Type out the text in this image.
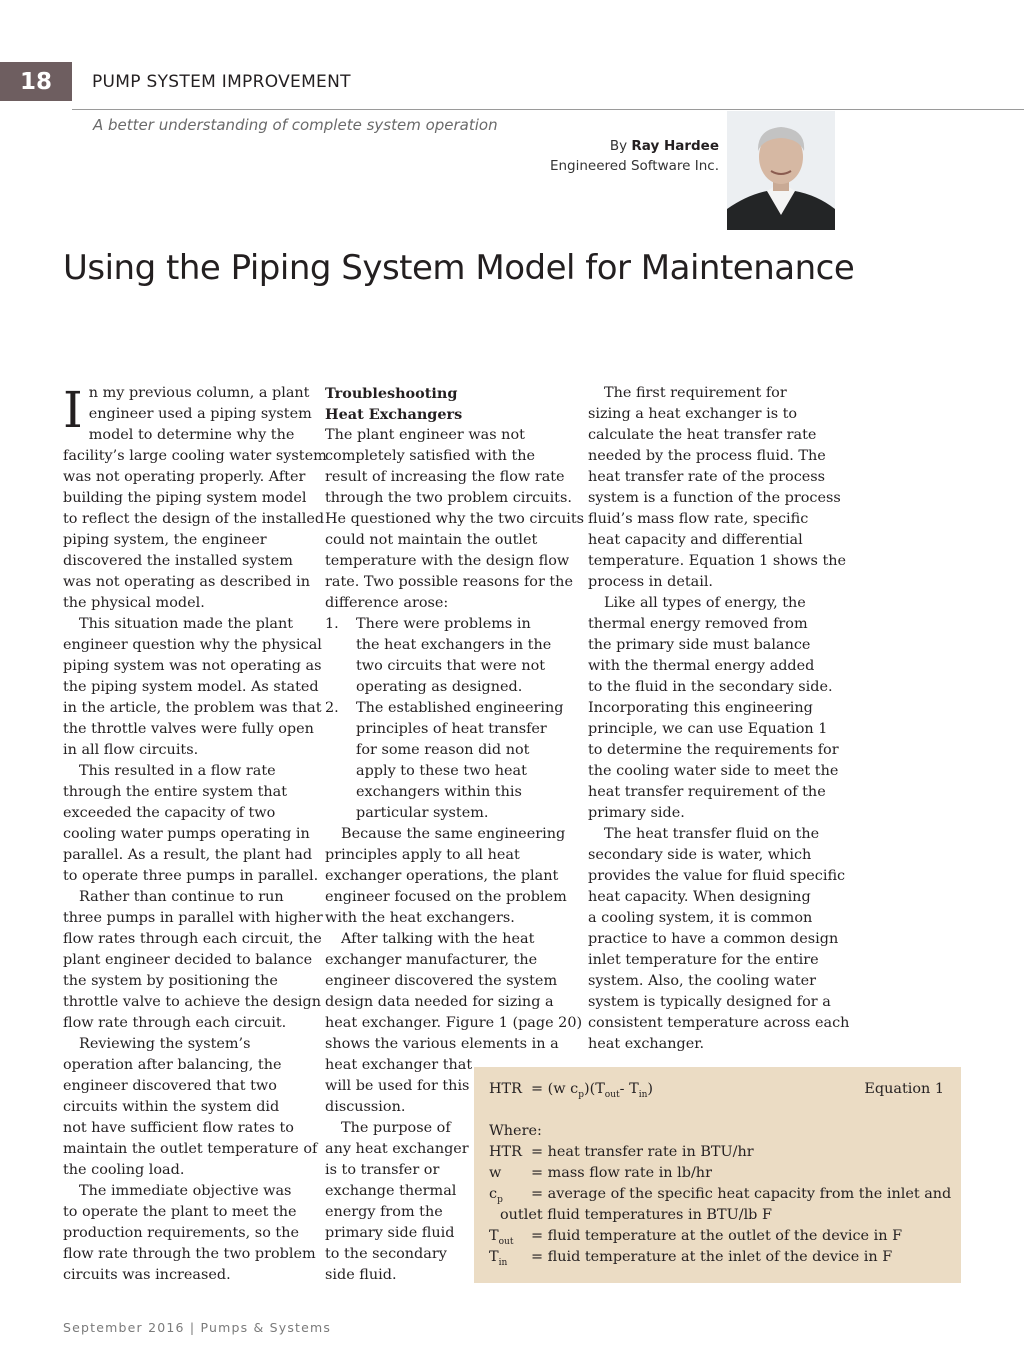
18	PUMP SYSTEM IMPROVEMENT
A better understanding of complete system operation
By Ray Hardee
Engineered Software Inc.
Using the Piping System Model for Maintenance
I n my previous column, a plant

engineer used a piping system

model to determine why the

facility’s large cooling water system

was not operating properly. After

building the piping system model

to reflect the design of the installed

piping system, the engineer

discovered the installed system

was not operating as described in

the physical model.

This situation made the plant

engineer question why the physical

piping system was not operating as

the piping system model. As stated

in the article, the problem was that

the throttle valves were fully open

in all flow circuits.

This resulted in a flow rate

through the entire system that

exceeded the capacity of two

cooling water pumps operating in

parallel. As a result, the plant had

to operate three pumps in parallel.

Rather than continue to run

three pumps in parallel with higher

flow rates through each circuit, the

plant engineer decided to balance

the system by positioning the

throttle valve to achieve the design

flow rate through each circuit.

Reviewing the system’s

operation after balancing, the

engineer discovered that two

circuits within the system did

not have sufficient flow rates to

maintain the outlet temperature of

the cooling load.

The immediate objective was

to operate the plant to meet the

production requirements, so the

flow rate through the two problem

circuits was increased.

Troubleshooting

Heat Exchangers

The plant engineer was not

completely satisfied with the

result of increasing the flow rate

through the two problem circuits.

He questioned why the two circuits

could not maintain the outlet

temperature with the design flow

rate. Two possible reasons for the

difference arose:

1. There were problems in

the heat exchangers in the

two circuits that were not

operating as designed.

2. The established engineering

principles of heat transfer

for some reason did not

apply to these two heat

exchangers within this

particular system.

Because the same engineering

principles apply to all heat

exchanger operations, the plant

engineer focused on the problem

with the heat exchangers.

After talking with the heat

exchanger manufacturer, the

engineer discovered the system

design data needed for sizing a

heat exchanger. Figure 1 (page 20)

shows the various elements in a

heat exchanger that

will be used for this

discussion.

The purpose of

any heat exchanger

is to transfer or

exchange thermal

energy from the

primary side fluid

to the secondary

side fluid.

The first requirement for

sizing a heat exchanger is to

calculate the heat transfer rate

needed by the process fluid. The

heat transfer rate of the process

system is a function of the process

fluid’s mass flow rate, specific

heat capacity and differential

temperature. Equation 1 shows the

process in detail.

Like all types of energy, the

thermal energy removed from

the primary side must balance

with the thermal energy added

to the fluid in the secondary side.

Incorporating this engineering

principle, we can use Equation 1

to determine the requirements for

the cooling water side to meet the

heat transfer requirement of the

primary side.

The heat transfer fluid on the

secondary side is water, which

provides the value for fluid specific

heat capacity. When designing

a cooling system, it is common

practice to have a common design

inlet temperature for the entire

system. Also, the cooling water

system is typically designed for a

consistent temperature across each

heat exchanger.

HTR = (w $c_p)(T_{out}-$ $T_{in}$)	Equation 1
Where:
HTR = heat transfer rate in BTU/hr
w = mass flow rate in lb/hr
$c_p$ = average of the specific heat capacity from the inlet and
outlet fluid temperatures in BTU/lb F
$T_{out}$ = fluid temperature at the outlet of the device in F
$T_{in}$ = fluid temperature at the inlet of the device in F
September 2016 | Pumps & Systems
